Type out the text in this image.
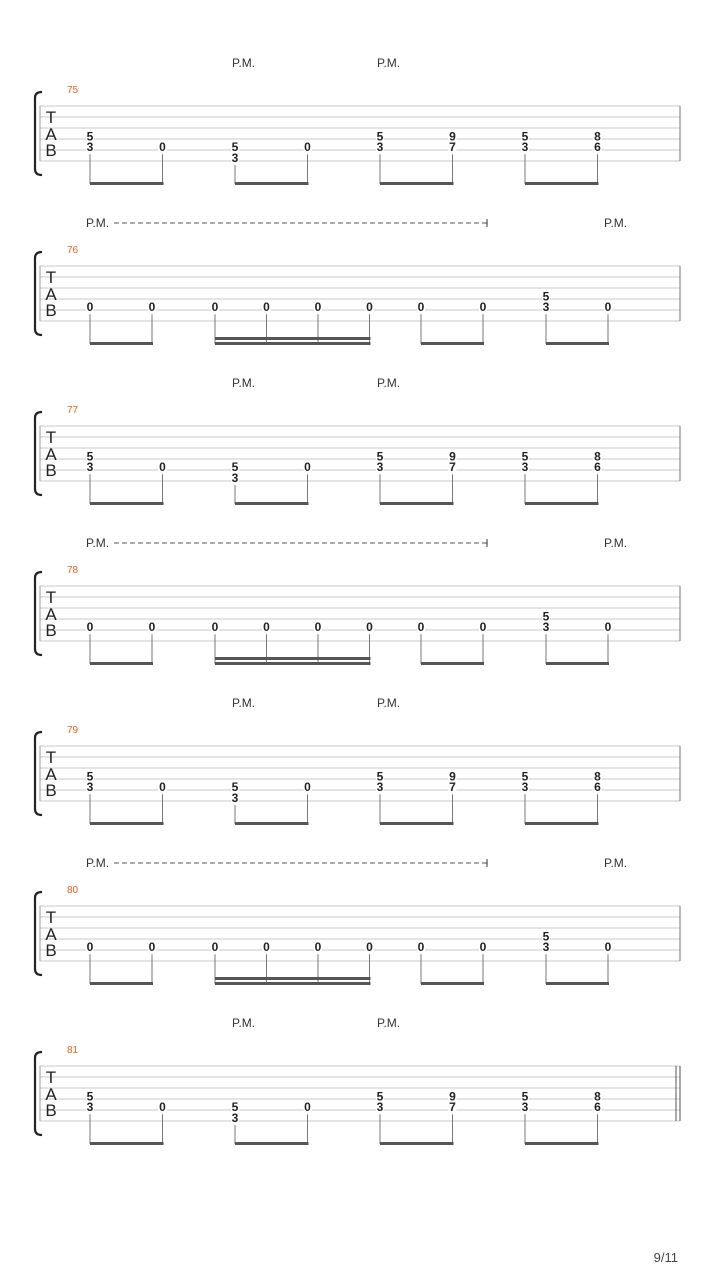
T
A
B
75
P.M.	P.M.
5
3	0	5
3
0
5
3
9
7
5
3
8
6
T
A
B
76
P.M.	P.M.
0	0	0	0	0	0	0	0
5
3	0
T
A
B
77
P.M.	P.M.
5
3	0	5
3
0
5
3
9
7
5
3
8
6
T
A
B
78
P.M.	P.M.
0	0	0	0	0	0	0	0
5
3	0
T
A
B
79
P.M.	P.M.
5
3	0	5
3
0
5
3
9
7
5
3
8
6
T
A
B
80
P.M.	P.M.
0	0	0	0	0	0	0	0
5
3	0
T
A
B
81
P.M.	P.M.
5
3	0	5
3
0
5
3
9
7
5
3
8
6
9/11
